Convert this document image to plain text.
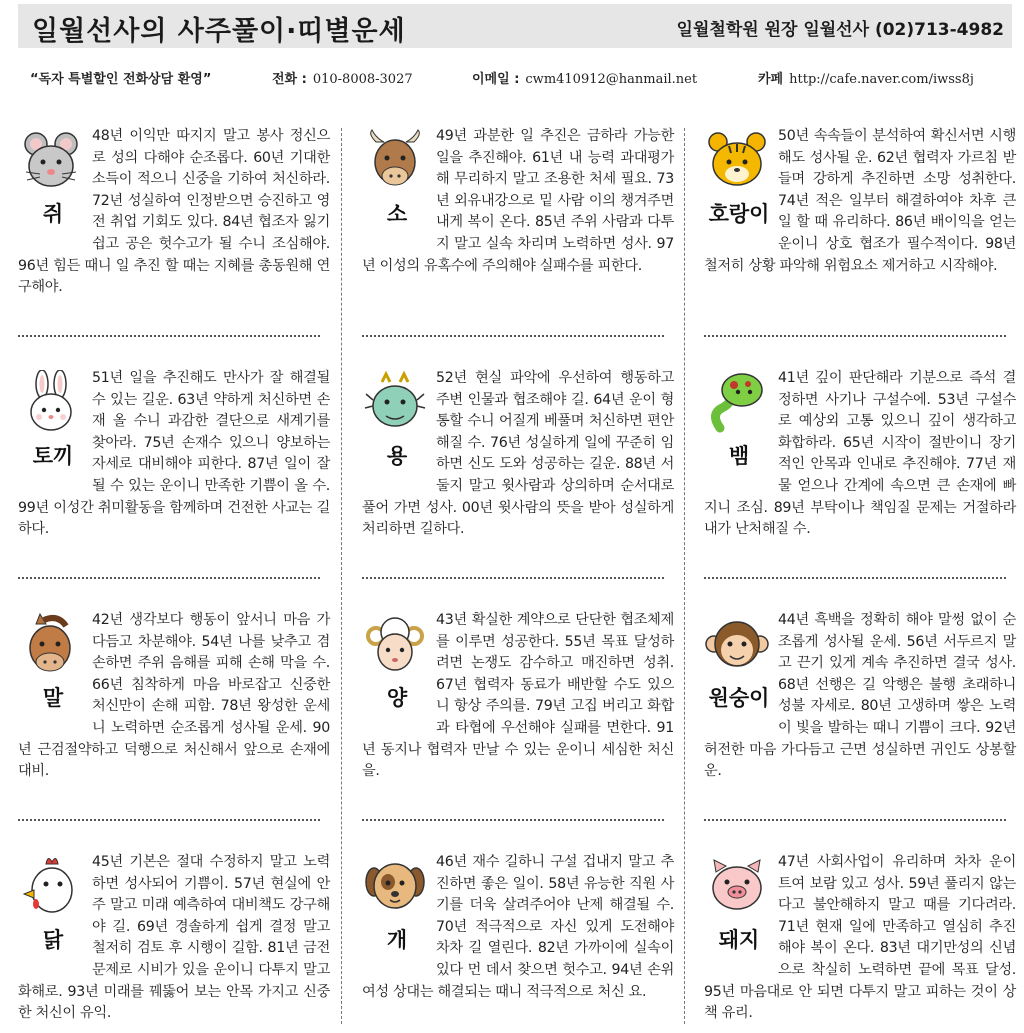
일월선사의 사주풀이·띠별운세	일월철학원 원장 일월선사 (02)713-4982
“독자 특별할인 전화상담 환영”	전화 : 010-8008-3027	이메일 : cwm410912@hanmail.net	카페 http://cafe.naver.com/iwss8j
쥐

48년 이익만 따지지 말고 봉사 정신으로 성의 다해야 순조롭다. 60년 기대한 소득이 적으니 신중을 기하여 처신하라. 72년 성실하여 인정받으면 승진하고 영전 취업 기회도 있다. 84년 협조자 잃기 쉽고 공은 헛수고가 될 수니 조심해야. 96년 힘든 때니 일 추진 할 때는 지혜를 총동원해 연구해야.

소

49년 과분한 일 추진은 금하라 가능한 일을 추진해야. 61년 내 능력 과대평가해 무리하지 말고 조용한 처세 필요. 73년 외유내강으로 밑 사람 이의 챙겨주면 내게 복이 온다. 85년 주위 사람과 다투지 말고 실속 차리며 노력하면 성사. 97년 이성의 유혹수에 주의해야 실패수를 피한다.

호랑이

50년 속속들이 분석하여 확신서면 시행해도 성사될 운. 62년 협력자 가르침 받들며 강하게 추진하면 소망 성취한다. 74년 적은 일부터 해결하여야 차후 큰일 할 때 유리하다. 86년 배이익을 얻는 운이니 상호 협조가 필수적이다. 98년 철저히 상황 파악해 위험요소 제거하고 시작해야.

토끼

51년 일을 추진해도 만사가 잘 해결될 수 있는 길운. 63년 약하게 처신하면 손재 올 수니 과감한 결단으로 새계기를 찾아라. 75년 손재수 있으니 양보하는 자세로 대비해야 피한다. 87년 일이 잘될 수 있는 운이니 만족한 기쁨이 올 수. 99년 이성간 취미활동을 함께하며 건전한 사교는 길하다.

용

52년 현실 파악에 우선하여 행동하고 주변 인물과 협조해야 길. 64년 운이 형통할 수니 어질게 베풀며 처신하면 편안해질 수. 76년 성실하게 일에 꾸준히 임하면 신도 도와 성공하는 길운. 88년 서둘지 말고 윗사람과 상의하며 순서대로 풀어 가면 성사. 00년 윗사람의 뜻을 받아 성실하게 처리하면 길하다.

뱀

41년 깊이 판단해라 기분으로 즉석 결정하면 사기나 구설수에. 53년 구설수로 예상외 고통 있으니 깊이 생각하고 화합하라. 65년 시작이 절반이니 장기적인 안목과 인내로 추진해야. 77년 재물 얻으나 간계에 속으면 큰 손재에 빠지니 조심. 89년 부탁이나 책임질 문제는 거절하라 내가 난처해질 수.

말

42년 생각보다 행동이 앞서니 마음 가다듬고 차분해야. 54년 나를 낮추고 겸손하면 주위 음해를 피해 손해 막을 수. 66년 침착하게 마음 바로잡고 신중한 처신만이 손해 피함. 78년 왕성한 운세니 노력하면 순조롭게 성사될 운세. 90년 근검절약하고 덕행으로 처신해서 앞으로 손재에 대비.

양

43년 확실한 계약으로 단단한 협조체제를 이루면 성공한다. 55년 목표 달성하려면 논쟁도 감수하고 매진하면 성취. 67년 협력자 동료가 배반할 수도 있으니 항상 주의를. 79년 고집 버리고 화합과 타협에 우선해야 실패를 면한다. 91년 동지나 협력자 만날 수 있는 운이니 세심한 처신을.

원숭이

44년 흑백을 정확히 해야 말썽 없이 순조롭게 성사될 운세. 56년 서두르지 말고 끈기 있게 계속 추진하면 결국 성사. 68년 선행은 길 악행은 불행 초래하니 성불 자세로. 80년 고생하며 쌓은 노력이 빛을 발하는 때니 기쁨이 크다. 92년 허전한 마음 가다듬고 근면 성실하면 귀인도 상봉할 운.

닭

45년 기본은 절대 수정하지 말고 노력하면 성사되어 기쁨이. 57년 현실에 안주 말고 미래 예측하여 대비책도 강구해야 길. 69년 경솔하게 쉽게 결정 말고 철저히 검토 후 시행이 길함. 81년 금전 문제로 시비가 있을 운이니 다투지 말고 화해로. 93년 미래를 꿰뚫어 보는 안목 가지고 신중한 처신이 유익.

개

46년 재수 길하니 구설 겁내지 말고 추진하면 좋은 일이. 58년 유능한 직원 사기를 더욱 살려주어야 난제 해결될 수. 70년 적극적으로 자신 있게 도전해야 차차 길 열린다. 82년 가까이에 실속이 있다 먼 데서 찾으면 헛수고. 94년 손위 여성 상대는 해결되는 때니 적극적으로 처신 요.

돼지

47년 사회사업이 유리하며 차차 운이 트여 보람 있고 성사. 59년 풀리지 않는다고 불안해하지 말고 때를 기다려라. 71년 현재 일에 만족하고 열심히 추진해야 복이 온다. 83년 대기만성의 신념으로 착실히 노력하면 끝에 목표 달성. 95년 마음대로 안 되면 다투지 말고 피하는 것이 상책 유리.
